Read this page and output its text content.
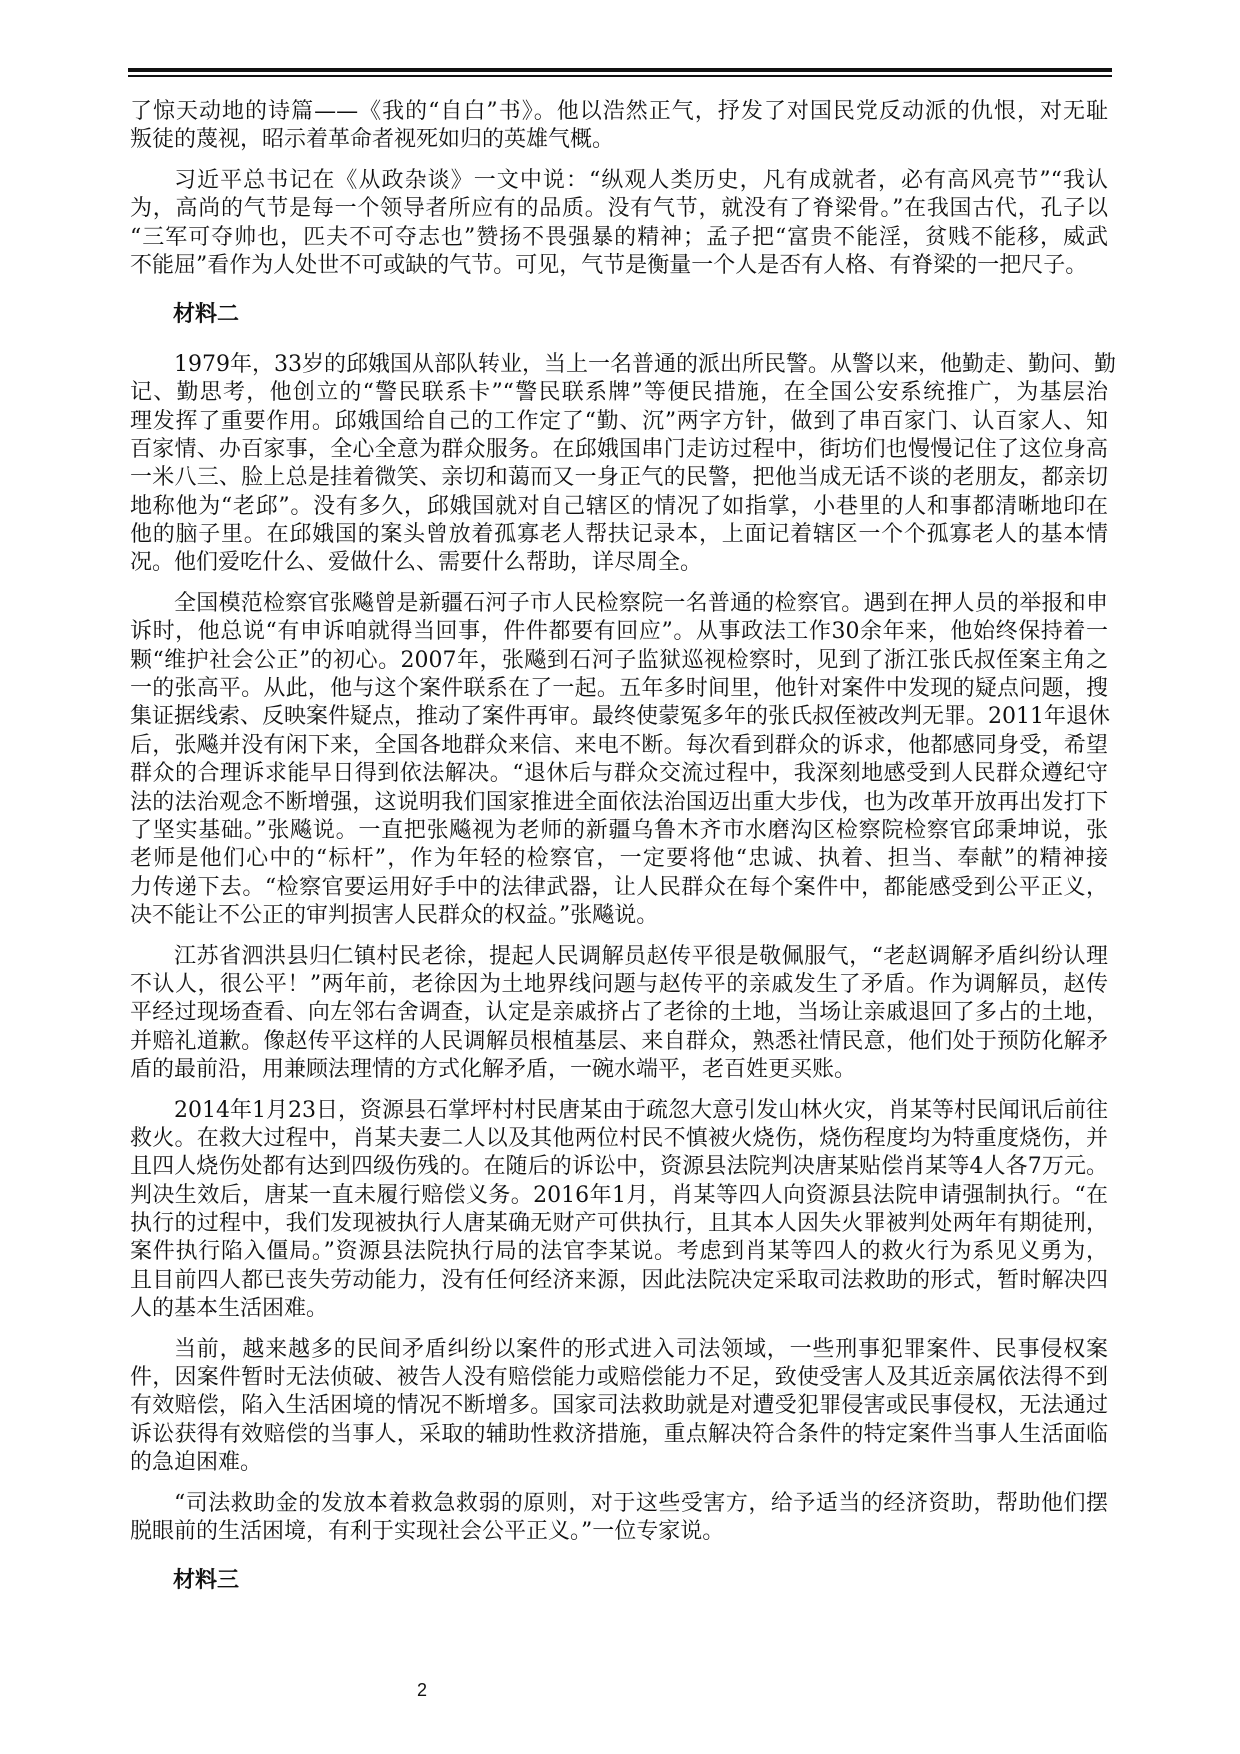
了惊天动地的诗篇——《我的“自白”书》。他以浩然正气，抒发了对国民党反动派的仇恨，对无耻
叛徒的蔑视，昭示着革命者视死如归的英雄气概。
习近平总书记在《从政杂谈》一文中说：“纵观人类历史，凡有成就者，必有高风亮节”“我认
为，高尚的气节是每一个领导者所应有的品质。没有气节，就没有了脊梁骨。”在我国古代，孔子以
“三军可夺帅也，匹夫不可夺志也”赞扬不畏强暴的精神；孟子把“富贵不能淫，贫贱不能移，威武
不能屈”看作为人处世不可或缺的气节。可见，气节是衡量一个人是否有人格、有脊梁的一把尺子。
材料二
1979年，33岁的邱娥国从部队转业，当上一名普通的派出所民警。从警以来，他勤走、勤问、勤
记、勤思考，他创立的“警民联系卡”“警民联系牌”等便民措施，在全国公安系统推广，为基层治
理发挥了重要作用。邱娥国给自己的工作定了“勤、沉”两字方针，做到了串百家门、认百家人、知
百家情、办百家事，全心全意为群众服务。在邱娥国串门走访过程中，街坊们也慢慢记住了这位身高
一米八三、脸上总是挂着微笑、亲切和蔼而又一身正气的民警，把他当成无话不谈的老朋友，都亲切
地称他为“老邱”。没有多久，邱娥国就对自己辖区的情况了如指掌，小巷里的人和事都清晰地印在
他的脑子里。在邱娥国的案头曾放着孤寡老人帮扶记录本，上面记着辖区一个个孤寡老人的基本情
况。他们爱吃什么、爱做什么、需要什么帮助，详尽周全。
全国模范检察官张飚曾是新疆石河子市人民检察院一名普通的检察官。遇到在押人员的举报和申
诉时，他总说“有申诉咱就得当回事，件件都要有回应”。从事政法工作30余年来，他始终保持着一
颗“维护社会公正”的初心。2007年，张飚到石河子监狱巡视检察时，见到了浙江张氏叔侄案主角之
一的张高平。从此，他与这个案件联系在了一起。五年多时间里，他针对案件中发现的疑点问题，搜
集证据线索、反映案件疑点，推动了案件再审。最终使蒙冤多年的张氏叔侄被改判无罪。2011年退休
后，张飚并没有闲下来，全国各地群众来信、来电不断。每次看到群众的诉求，他都感同身受，希望
群众的合理诉求能早日得到依法解决。“退休后与群众交流过程中，我深刻地感受到人民群众遵纪守
法的法治观念不断增强，这说明我们国家推进全面依法治国迈出重大步伐，也为改革开放再出发打下
了坚实基础。”张飚说。一直把张飚视为老师的新疆乌鲁木齐市水磨沟区检察院检察官邱秉坤说，张
老师是他们心中的“标杆”，作为年轻的检察官，一定要将他“忠诚、执着、担当、奉献”的精神接
力传递下去。“检察官要运用好手中的法律武器，让人民群众在每个案件中，都能感受到公平正义，
决不能让不公正的审判损害人民群众的权益。”张飚说。
江苏省泗洪县归仁镇村民老徐，提起人民调解员赵传平很是敬佩服气，“老赵调解矛盾纠纷认理
不认人，很公平！”两年前，老徐因为土地界线问题与赵传平的亲戚发生了矛盾。作为调解员，赵传
平经过现场查看、向左邻右舍调查，认定是亲戚挤占了老徐的土地，当场让亲戚退回了多占的土地，
并赔礼道歉。像赵传平这样的人民调解员根植基层、来自群众，熟悉社情民意，他们处于预防化解矛
盾的最前沿，用兼顾法理情的方式化解矛盾，一碗水端平，老百姓更买账。
2014年1月23日，资源县石掌坪村村民唐某由于疏忽大意引发山林火灾，肖某等村民闻讯后前往
救火。在救大过程中，肖某夫妻二人以及其他两位村民不慎被火烧伤，烧伤程度均为特重度烧伤，并
且四人烧伤处都有达到四级伤残的。在随后的诉讼中，资源县法院判决唐某贴偿肖某等4人各7万元。
判决生效后，唐某一直未履行赔偿义务。2016年1月，肖某等四人向资源县法院申请强制执行。“在
执行的过程中，我们发现被执行人唐某确无财产可供执行，且其本人因失火罪被判处两年有期徒刑，
案件执行陷入僵局。”资源县法院执行局的法官李某说。考虑到肖某等四人的救火行为系见义勇为，
且目前四人都已丧失劳动能力，没有任何经济来源，因此法院决定采取司法救助的形式，暂时解决四
人的基本生活困难。
当前，越来越多的民间矛盾纠纷以案件的形式进入司法领域，一些刑事犯罪案件、民事侵权案
件，因案件暂时无法侦破、被告人没有赔偿能力或赔偿能力不足，致使受害人及其近亲属依法得不到
有效赔偿，陷入生活困境的情况不断增多。国家司法救助就是对遭受犯罪侵害或民事侵权，无法通过
诉讼获得有效赔偿的当事人，采取的辅助性救济措施，重点解决符合条件的特定案件当事人生活面临
的急迫困难。
“司法救助金的发放本着救急救弱的原则，对于这些受害方，给予适当的经济资助，帮助他们摆
脱眼前的生活困境，有利于实现社会公平正义。”一位专家说。
材料三
2
